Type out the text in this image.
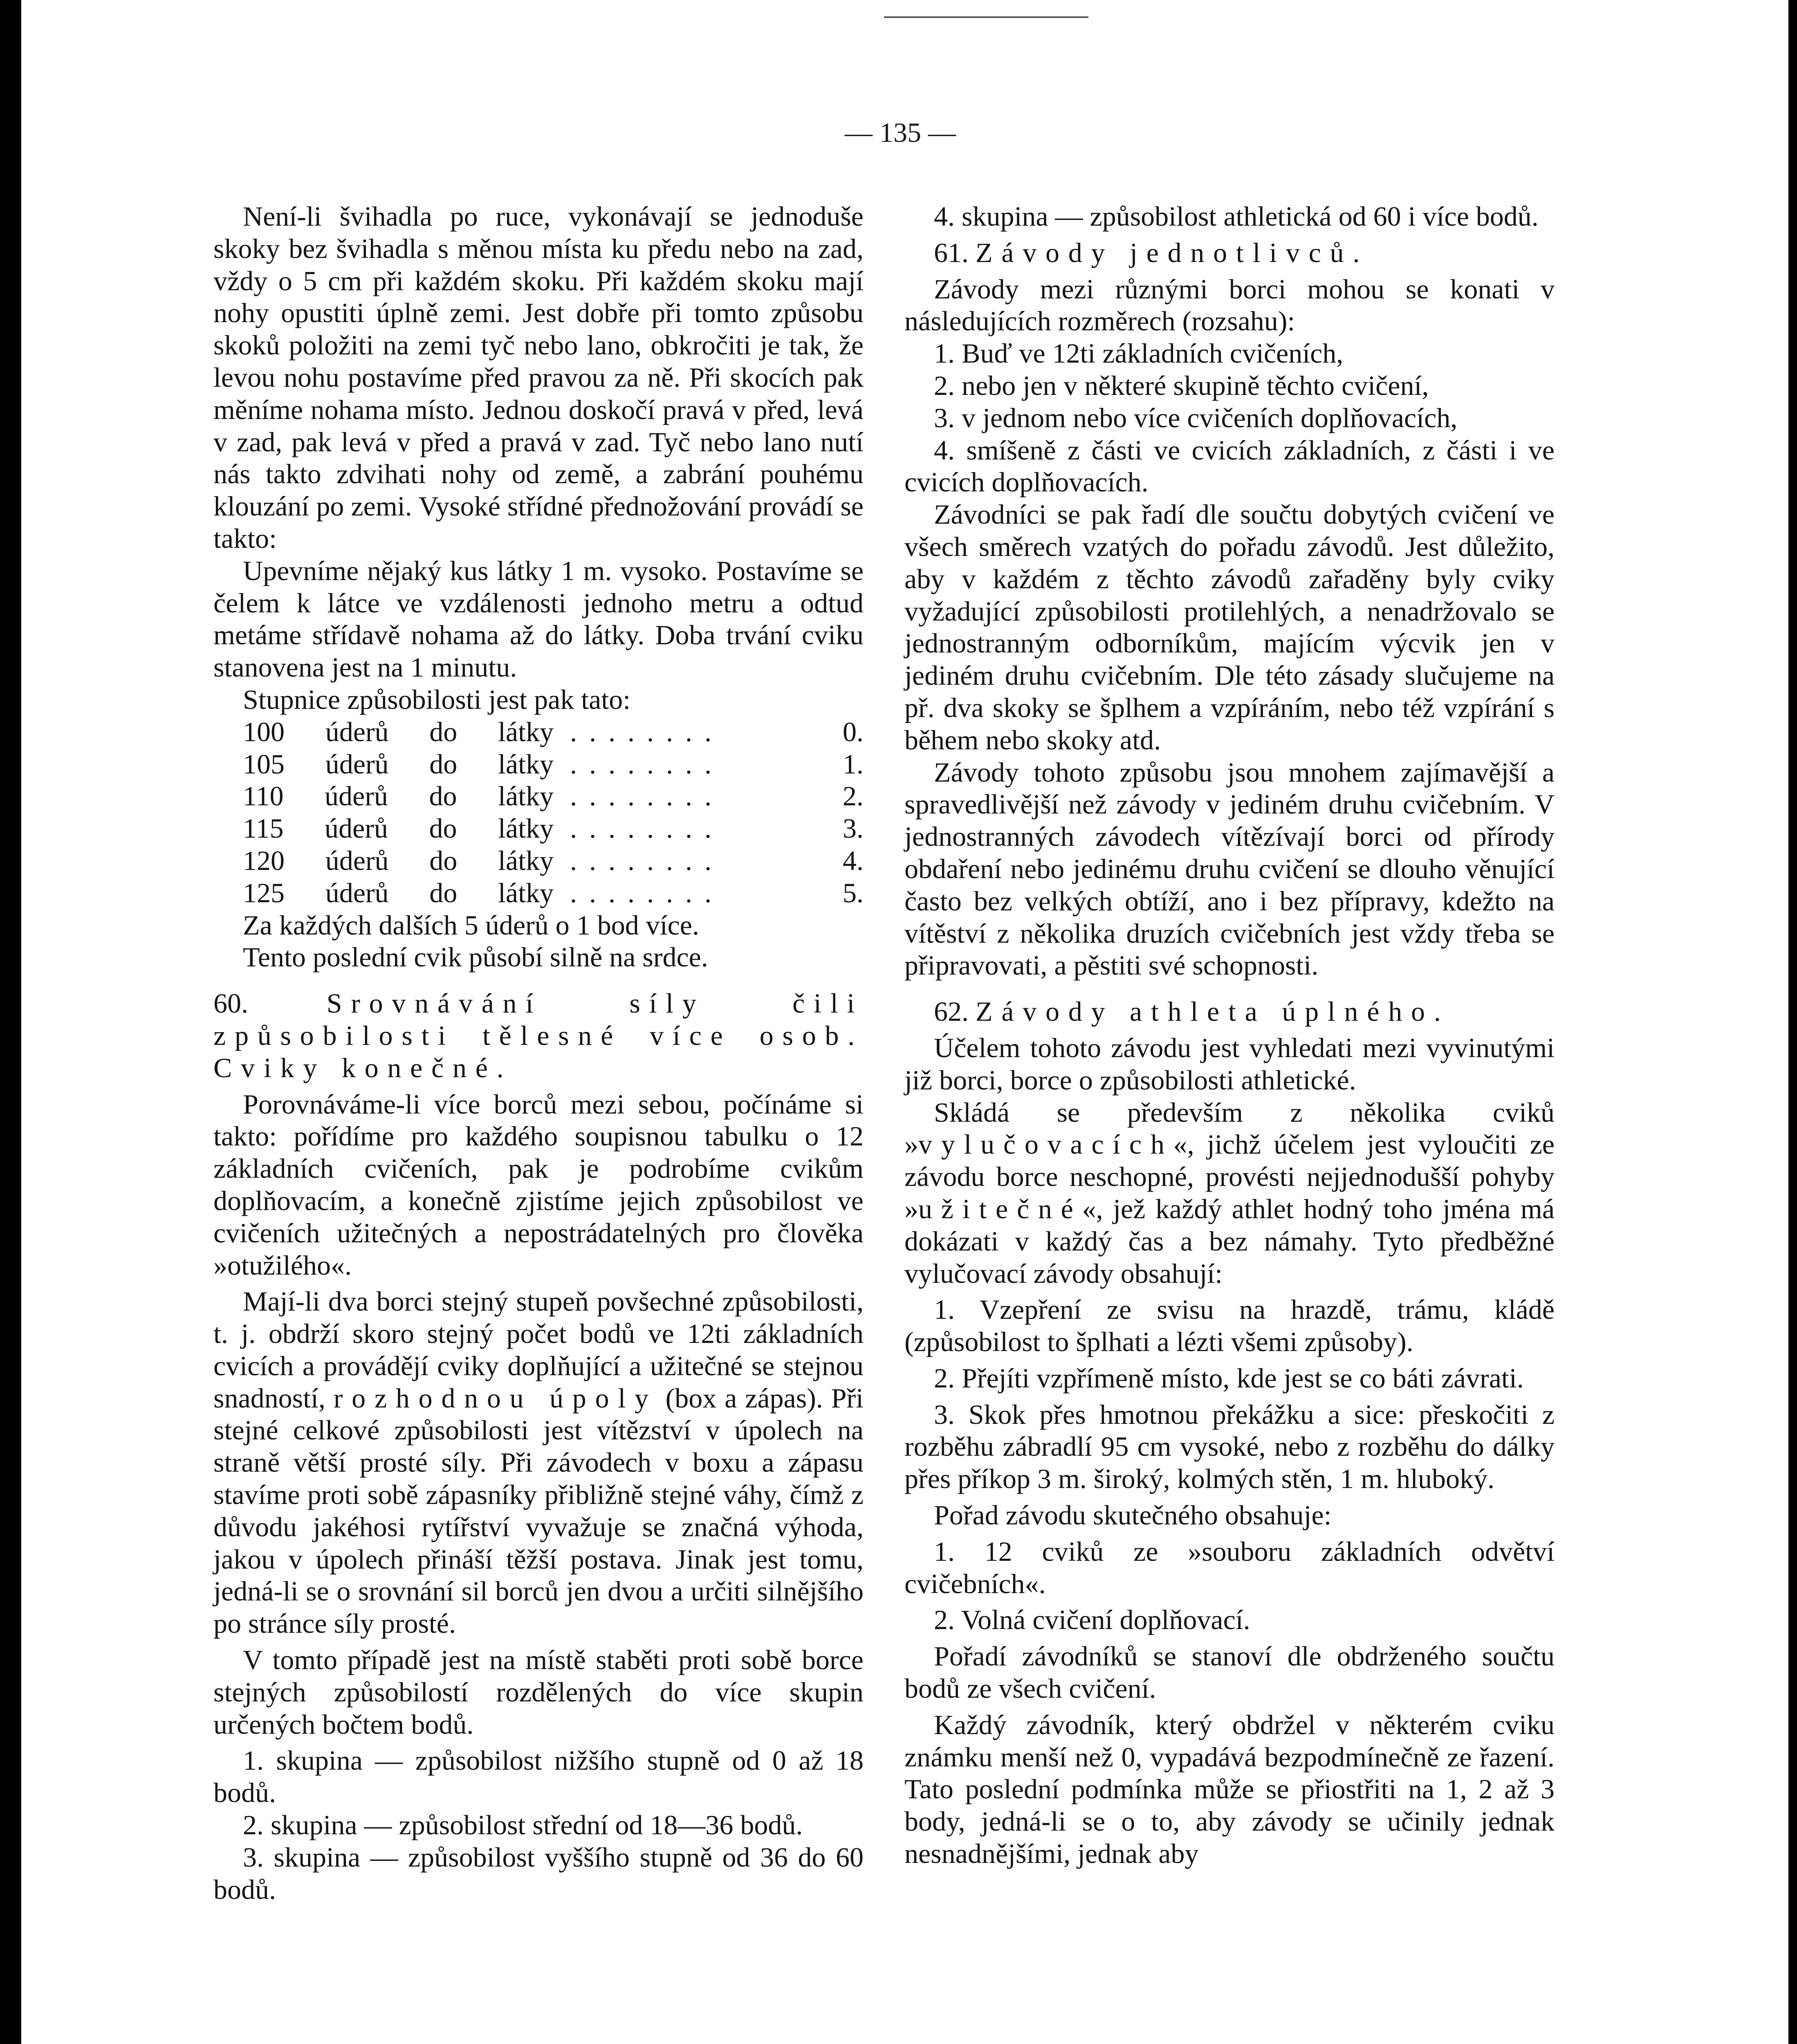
— 135 —

Není-li švihadla po ruce, vykonávají se jednoduše skoky bez švihadla s měnou místa ku předu nebo na zad, vždy o 5 cm při každém skoku. Při každém skoku mají nohy opustiti úplně zemi. Jest dobře při tomto způsobu skoků položiti na zemi tyč nebo lano, obkročiti je tak, že levou nohu postavíme před pravou za ně. Při skocích pak měníme nohama místo. Jednou doskočí pravá v před, levá v zad, pak levá v před a pravá v zad. Tyč nebo lano nutí nás takto zdvihati nohy od země, a zabrání pouhému klouzání po zemi. Vysoké střídné přednožování provádí se takto:

Upevníme nějaký kus látky 1 m. vysoko. Postavíme se čelem k látce ve vzdálenosti jednoho metru a odtud metáme střídavě nohama až do látky. Doba trvání cviku stanovena jest na 1 minutu.

Stupnice způsobilosti jest pak tato:

100 úderů do látky ........	0.
105 úderů do látky ........	1.
110 úderů do látky ........	2.
115 úderů do látky ........	3.
120 úderů do látky ........	4.
125 úderů do látky ........	5.

Za každých dalších 5 úderů o 1 bod více.

Tento poslední cvik působí silně na srdce.

60.	Srovnávání síly čili způsobilosti tělesné více osob. Cviky konečné.

Porovnáváme-li více borců mezi sebou, počínáme si takto: pořídíme pro každého soupisnou tabulku o 12 základních cvičeních, pak je podrobíme cvikům doplňovacím, a konečně zjistíme jejich způsobilost ve cvičeních užitečných a nepostrádatelných pro člověka »otužilého«.

Mají-li dva borci stejný stupeň povšechné způsobilosti, t. j. obdrží skoro stejný počet bodů ve 12ti základních cvicích a provádějí cviky doplňující a užitečné se stejnou snadností, rozhodnou úpoly (box a zápas). Při stejné celkové způsobilosti jest vítězství v úpolech na straně větší prosté síly. Při závodech v boxu a zápasu stavíme proti sobě zápasníky přibližně stejné váhy, čímž z důvodu jakéhosi rytířství vyvažuje se značná výhoda, jakou v úpolech přináší těžší postava. Jinak jest tomu, jedná-li se o srovnání sil borců jen dvou a určiti silnějšího po stránce síly prosté.

V tomto případě jest na místě staběti proti sobě borce stejných způsobilostí rozdělených do více skupin určených bočtem bodů.

1. skupina — způsobilost nižšího stupně od 0 až 18 bodů.

2. skupina — způsobilost střední od 18—36 bodů.

3. skupina — způsobilost vyššího stupně od 36 do 60 bodů.

4. skupina — způsobilost athletická od 60 i více bodů.

61. Závody jednotlivců.

Závody mezi různými borci mohou se konati v následujících rozměrech (rozsahu):

1. Buď ve 12ti základních cvičeních,

2. nebo jen v některé skupině těchto cvičení,

3. v jednom nebo více cvičeních doplňovacích,

4. smíšeně z části ve cvicích základních, z části i ve cvicích doplňovacích.

Závodníci se pak řadí dle součtu dobytých cvičení ve všech směrech vzatých do pořadu závodů. Jest důležito, aby v každém z těchto závodů zařaděny byly cviky vyžadující způsobilosti protilehlých, a nenadržovalo se jednostranným odborníkům, majícím výcvik jen v jediném druhu cvičebním. Dle této zásady slučujeme na př. dva skoky se šplhem a vzpíráním, nebo též vzpírání s během nebo skoky atd.

Závody tohoto způsobu jsou mnohem zajímavější a spravedlivější než závody v jediném druhu cvičebním. V jednostranných závodech vítězívají borci od přírody obdaření nebo jedinému druhu cvičení se dlouho věnující často bez velkých obtíží, ano i bez přípravy, kdežto na vítěství z několika druzích cvičebních jest vždy třeba se připravovati, a pěstiti své schopnosti.

62. Závody athleta úplného.

Účelem tohoto závodu jest vyhledati mezi vyvinutými již borci, borce o způsobilosti athletické.

Skládá se především z několika cviků »vylučovacích«, jichž účelem jest vyloučiti ze závodu borce neschopné, provésti nejjednodušší pohyby »užitečné«, jež každý athlet hodný toho jména má dokázati v každý čas a bez námahy. Tyto předběžné vylučovací závody obsahují:

1. Vzepření ze svisu na hrazdě, trámu, kládě (způsobilost to šplhati a lézti všemi způsoby).

2. Přejíti vzpřímeně místo, kde jest se co báti závrati.

3. Skok přes hmotnou překážku a sice: přeskočiti z rozběhu zábradlí 95 cm vysoké, nebo z rozběhu do dálky přes příkop 3 m. široký, kolmých stěn, 1 m. hluboký.

Pořad závodu skutečného obsahuje:

1. 12 cviků ze »souboru základních odvětví cvičebních«.

2. Volná cvičení doplňovací.

Pořadí závodníků se stanoví dle obdrženého součtu bodů ze všech cvičení.

Každý závodník, který obdržel v některém cviku známku menší než 0, vypadává bezpodmínečně ze řazení. Tato poslední podmínka může se přiostřiti na 1, 2 až 3 body, jedná-li se o to, aby závody se učinily jednak nesnadnějšími, jednak aby
